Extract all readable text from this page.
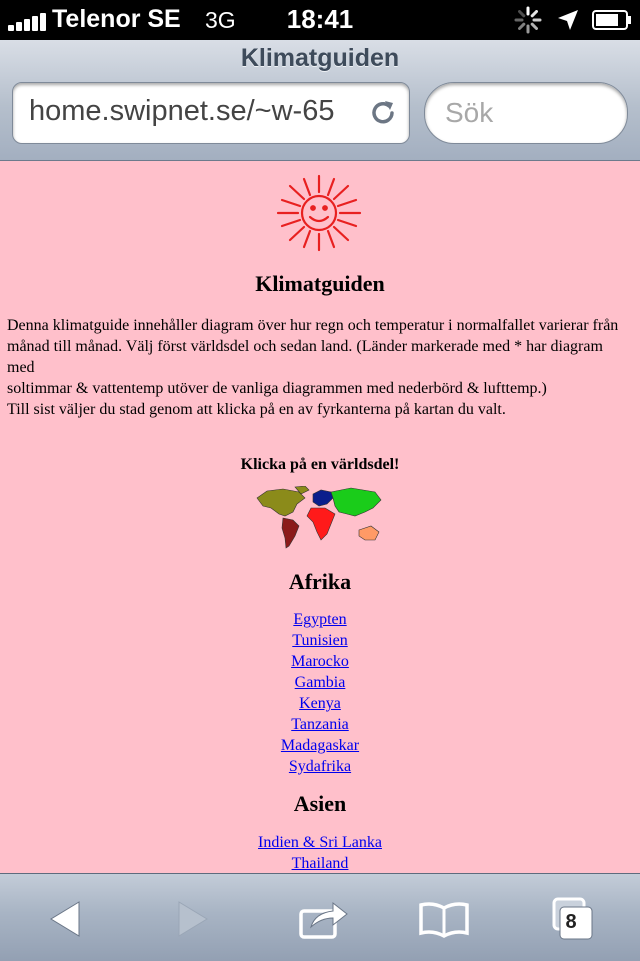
Telenor SE 3G	18:41
Klimatguiden
home.swipnet.se/~w-65
Sök
Klimatguiden

Denna klimatguide innehåller diagram över hur regn och temperatur i normalfallet varierar från
månad till månad. Välj först världsdel och sedan land. (Länder markerade med * har diagram med
soltimmar & vattentemp utöver de vanliga diagrammen med nederbörd & lufttemp.)
Till sist väljer du stad genom att klicka på en av fyrkanterna på kartan du valt.

Klicka på en världsdel!
Afrika
Egypten
Tunisien
Marocko
Gambia
Kenya
Tanzania
Madagaskar
Sydafrika
Asien
Indien & Sri Lanka
Thailand
8
